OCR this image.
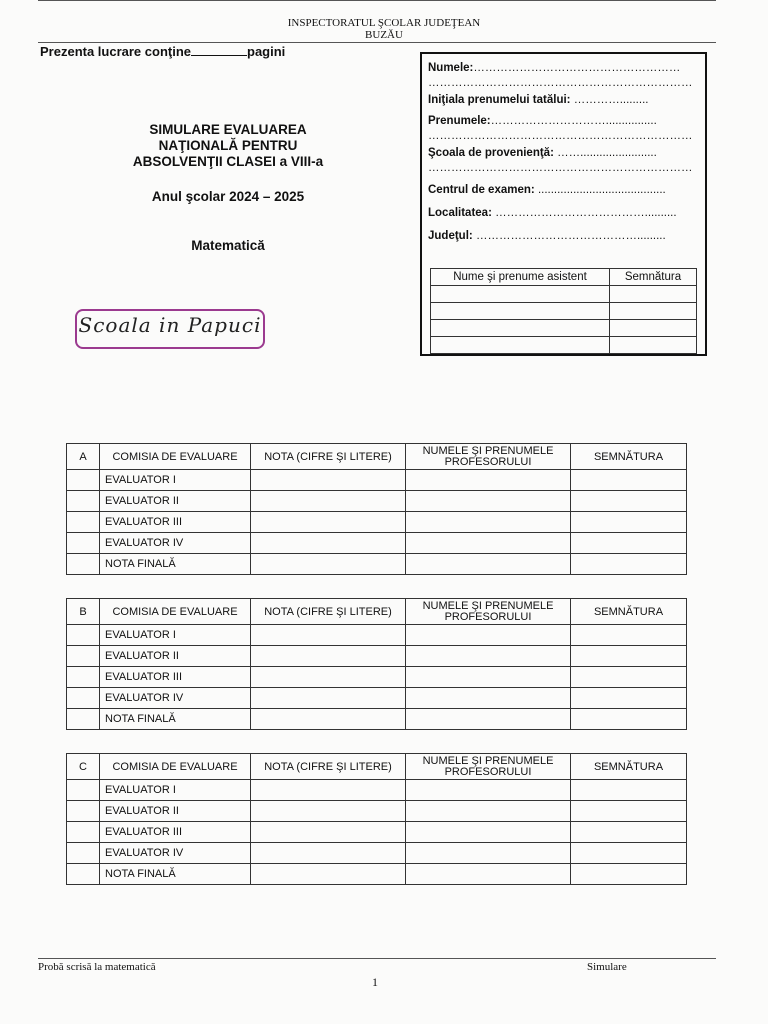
INSPECTORATUL ŞCOLAR JUDEŢEAN
BUZĂU
Prezenta lucrare conţine	pagini
SIMULARE EVALUAREA
NAŢIONALĂ PENTRU
ABSOLVENŢII CLASEI a VIII-a
Anul şcolar 2024 – 2025
Matematică
Scoala in Papuci
Numele:………………………………………………
……………………………………………………………
Iniţiala prenumelui tatălui: ………….........
Prenumele:…………………………................
……………………………………………………………
Şcoala de provenienţă: ……........................
……………………………………………………………
Centrul de examen: ........................................
Localitatea: …………………………………..........
Judeţul: …………………………………….........
Nume şi prenume asistent	Semnătura

A	COMISIA DE EVALUARE	NOTA (CIFRE ŞI LITERE)	NUMELE ŞI PRENUMELE
PROFESORULUI	SEMNĂTURA
	EVALUATOR I			
	EVALUATOR II			
	EVALUATOR III			
	EVALUATOR IV			
	NOTA FINALĂ			
B	COMISIA DE EVALUARE	NOTA (CIFRE ŞI LITERE)	NUMELE ŞI PRENUMELE
PROFESORULUI	SEMNĂTURA
	EVALUATOR I			
	EVALUATOR II			
	EVALUATOR III			
	EVALUATOR IV			
	NOTA FINALĂ			
C	COMISIA DE EVALUARE	NOTA (CIFRE ŞI LITERE)	NUMELE ŞI PRENUMELE
PROFESORULUI	SEMNĂTURA
	EVALUATOR I			
	EVALUATOR II			
	EVALUATOR III			
	EVALUATOR IV			
	NOTA FINALĂ			
Probă scrisă la matematică	Simulare
1
